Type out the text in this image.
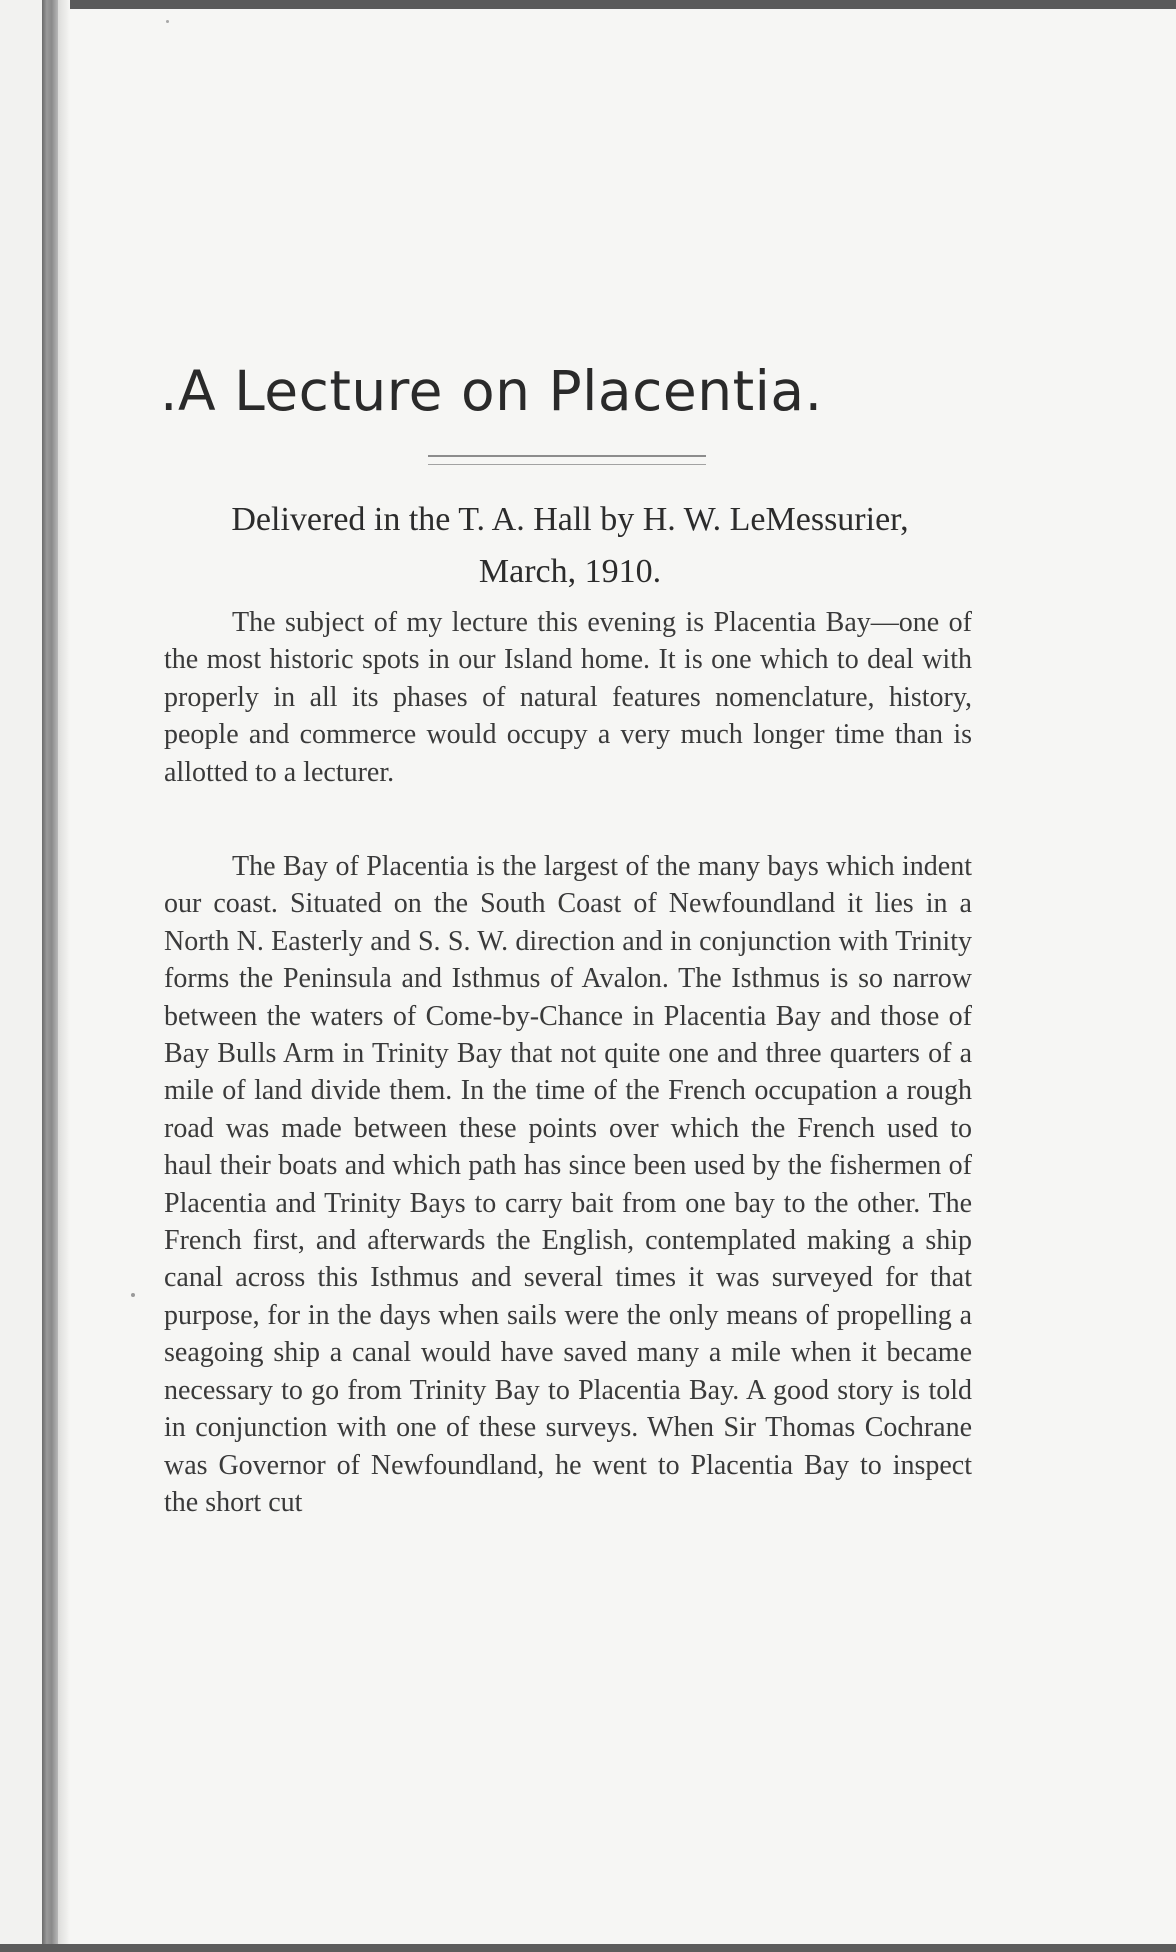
.A Lecture on Placentia.
Delivered in the T. A. Hall by H. W. LeMessurier,
March, 1910.

The subject of my lecture this evening is Placentia Bay—one of the most historic spots in our Island home. It is one which to deal with properly in all its phases of natural features nomenclature, history, people and commerce would occupy a very much longer time than is allotted to a lecturer.

The Bay of Placentia is the largest of the many bays which indent our coast. Situated on the South Coast of Newfoundland it lies in a North N. Easterly and S. S. W. direction and in conjunction with Trinity forms the Peninsula and Isthmus of Avalon. The Isthmus is so narrow between the waters of Come-by-Chance in Placentia Bay and those of Bay Bulls Arm in Trinity Bay that not quite one and three quarters of a mile of land divide them. In the time of the French occupation a rough road was made between these points over which the French used to haul their boats and which path has since been used by the fishermen of Placentia and Trinity Bays to carry bait from one bay to the other. The French first, and afterwards the English, contemplated making a ship canal across this Isthmus and several times it was surveyed for that purpose, for in the days when sails were the only means of propelling a seagoing ship a canal would have saved many a mile when it became necessary to go from Trinity Bay to Placentia Bay. A good story is told in conjunction with one of these surveys. When Sir Thomas Cochrane was Governor of Newfoundland, he went to Placentia Bay to inspect the short cut
